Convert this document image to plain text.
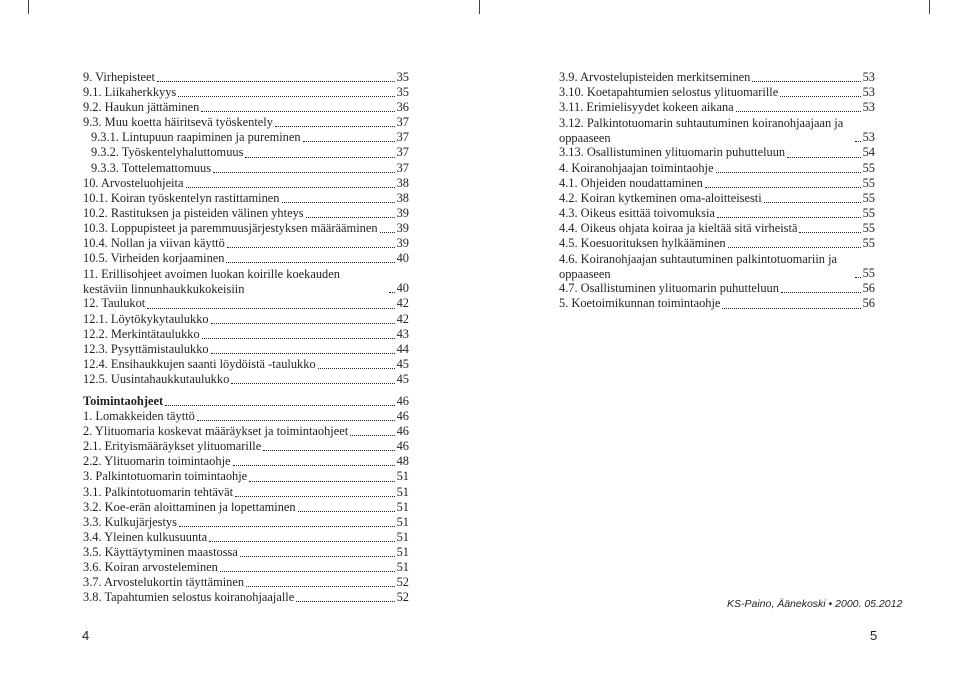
9. Virhepisteet	35
9.1. Liikaherkkyys	35
9.2. Haukun jättäminen	36
9.3. Muu koetta häiritsevä työskentely	37
9.3.1. Lintupuun raapiminen ja pureminen	37
9.3.2. Työskentelyhaluttomuus	37
9.3.3. Tottelemattomuus	37
10. Arvosteluohjeita	38
10.1. Koiran työskentelyn rastittaminen	38
10.2. Rastituksen ja pisteiden välinen yhteys	39
10.3. Loppupisteet ja paremmuusjärjestyksen määrääminen 39
10.4. Nollan ja viivan käyttö	39
10.5. Virheiden korjaaminen	40
11. Erillisohjeet avoimen luokan koirille koekauden kestäviin linnunhaukkukokeisiin	40
12. Taulukot	42
12.1. Löytökykytaulukko	42
12.2. Merkintätaulukko	43
12.3. Pysyttämistaulukko	44
12.4. Ensihaukkujen saanti löydöistä -taulukko	45
12.5. Uusintahaukkutaulukko	45
Toimintaohjeet	46
1. Lomakkeiden täyttö	46
2. Ylituomaria koskevat määräykset ja toimintaohjeet	46
2.1. Erityismääräykset ylituomarille	46
2.2. Ylituomarin toimintaohje	48
3. Palkintotuomarin toimintaohje	51
3.1. Palkintotuomarin tehtävät	51
3.2. Koe-erän aloittaminen ja lopettaminen	51
3.3. Kulkujärjestys	51
3.4. Yleinen kulkusuunta	51
3.5. Käyttäytyminen maastossa	51
3.6. Koiran arvosteleminen	51
3.7. Arvostelukortin täyttäminen	52
3.8. Tapahtumien selostus koiranohjaajalle	52
3.9. Arvostelupisteiden merkitseminen	53
3.10. Koetapahtumien selostus ylituomarille	53
3.11. Erimielisyydet kokeen aikana	53
3.12. Palkintotuomarin suhtautuminen koiranohjaajaan ja oppaaseen	53
3.13. Osallistuminen ylituomarin puhutteluun	54
4. Koiranohjaajan toimintaohje	55
4.1. Ohjeiden noudattaminen	55
4.2. Koiran kytkeminen oma-aloitteisesti	55
4.3. Oikeus esittää toivomuksia	55
4.4. Oikeus ohjata koiraa ja kieltää sitä virheistä	55
4.5. Koesuorituksen hylkääminen	55
4.6. Koiranohjaajan suhtautuminen palkintotuomariin ja oppaaseen	55
4.7. Osallistuminen ylituomarin puhutteluun	56
5. Koetoimikunnan toimintaohje	56
4	5
KS-Paino, Äänekoski • 2000. 05.2012
